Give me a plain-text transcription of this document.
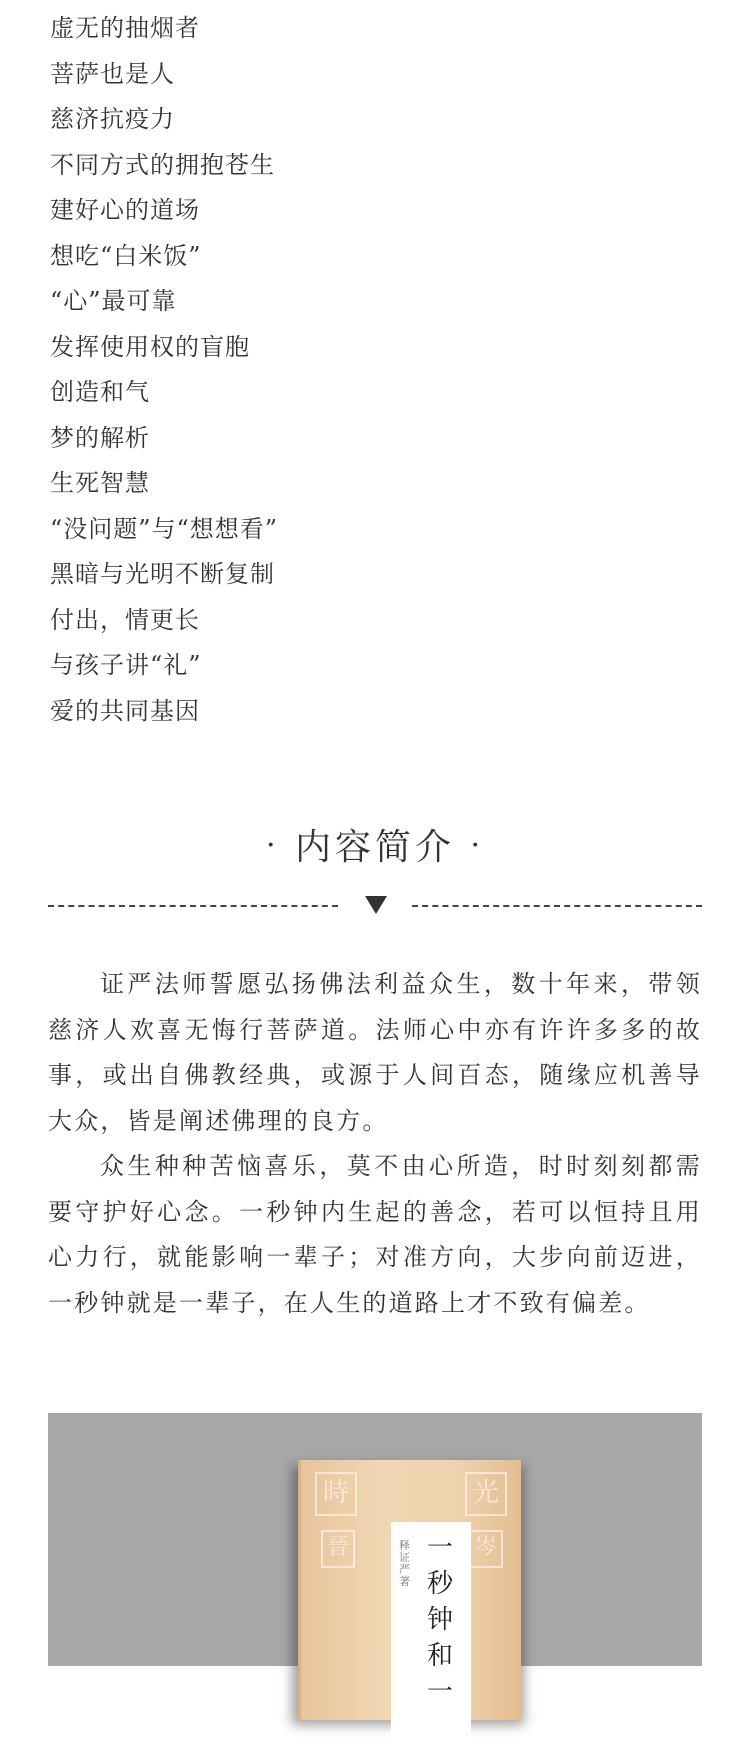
虚无的抽烟者
菩萨也是人
慈济抗疫力
不同方式的拥抱苍生
建好心的道场
想吃“白米饭”
“心”最可靠
发挥使用权的盲胞
创造和气
梦的解析
生死智慧
“没问题”与“想想看”
黑暗与光明不断复制
付出，情更长
与孩子讲“礼”
爱的共同基因
· 内容简介 ·

证严法师誓愿弘扬佛法利益众生，数十年来，带领慈济人欢喜无悔行菩萨道。法师心中亦有许许多多的故事，或出自佛教经典，或源于人间百态，随缘应机善导大众，皆是阐述佛理的良方。

众生种种苦恼喜乐，莫不由心所造，时时刻刻都需要守护好心念。一秒钟内生起的善念，若可以恒持且用心力行，就能影响一辈子；对准方向，大步向前迈进，一秒钟就是一辈子，在人生的道路上才不致有偏差。

時
晉
光
岑
释证严 著
一秒钟和一
